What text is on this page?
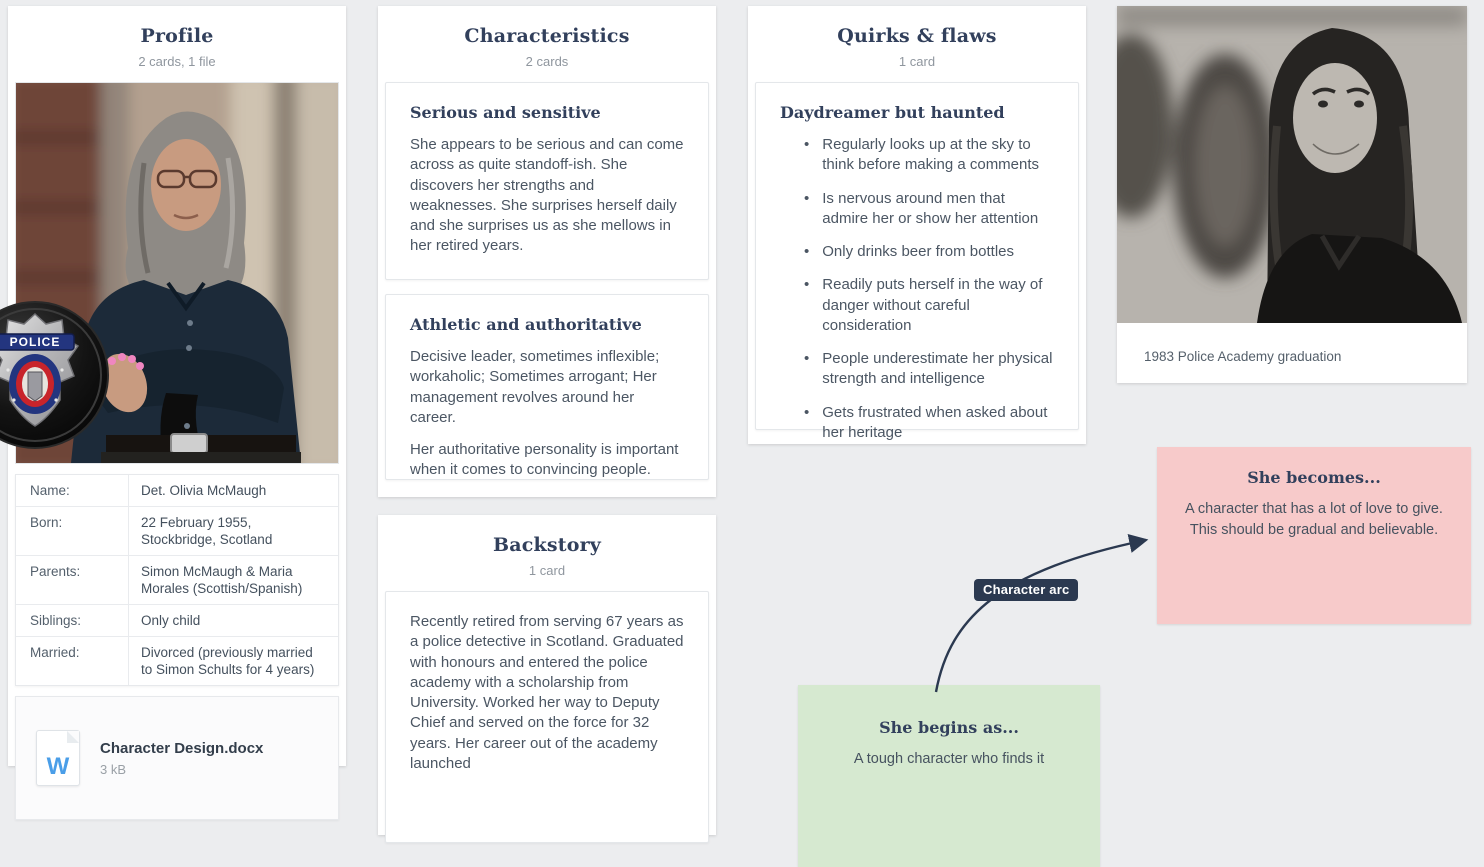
Profile
2 cards, 1 file
Name:	Det. Olivia McMaugh
Born:	22 February 1955, Stockbridge, Scotland
Parents:	Simon McMaugh & Maria Morales (Scottish/Spanish)
Siblings:	Only child
Married:	Divorced (previously married to Simon Schults for 4 years)
W
Character Design.docx
3 kB
Characteristics
2 cards
Serious and sensitive

She appears to be serious and can come across as quite standoff-ish. She discovers her strengths and weaknesses. She surprises herself daily and she surprises us as she mellows in her retired years.

Athletic and authoritative

Decisive leader, sometimes inflexible; workaholic; Sometimes arrogant; Her management revolves around her career.

Her authoritative personality is important when it comes to convincing people.

Backstory
1 card

Recently retired from serving 67 years as a police detective in Scotland. Graduated with honours and entered the police academy with a scholarship from University. Worked her way to Deputy Chief and served on the force for 32 years. Her career out of the academy launched

Quirks & flaws
1 card
Daydreamer but haunted
• Regularly looks up at the sky to think before making a comments
• Is nervous around men that admire her or show her attention
• Only drinks beer from bottles
• Readily puts herself in the way of danger without careful consideration
• People underestimate her physical strength and intelligence
• Gets frustrated when asked about her heritage
1983 Police Academy graduation
POLICE
She becomes...
A character that has a lot of love to give. This should be gradual and believable.
She begins as...
A tough character who finds it
Character arc
